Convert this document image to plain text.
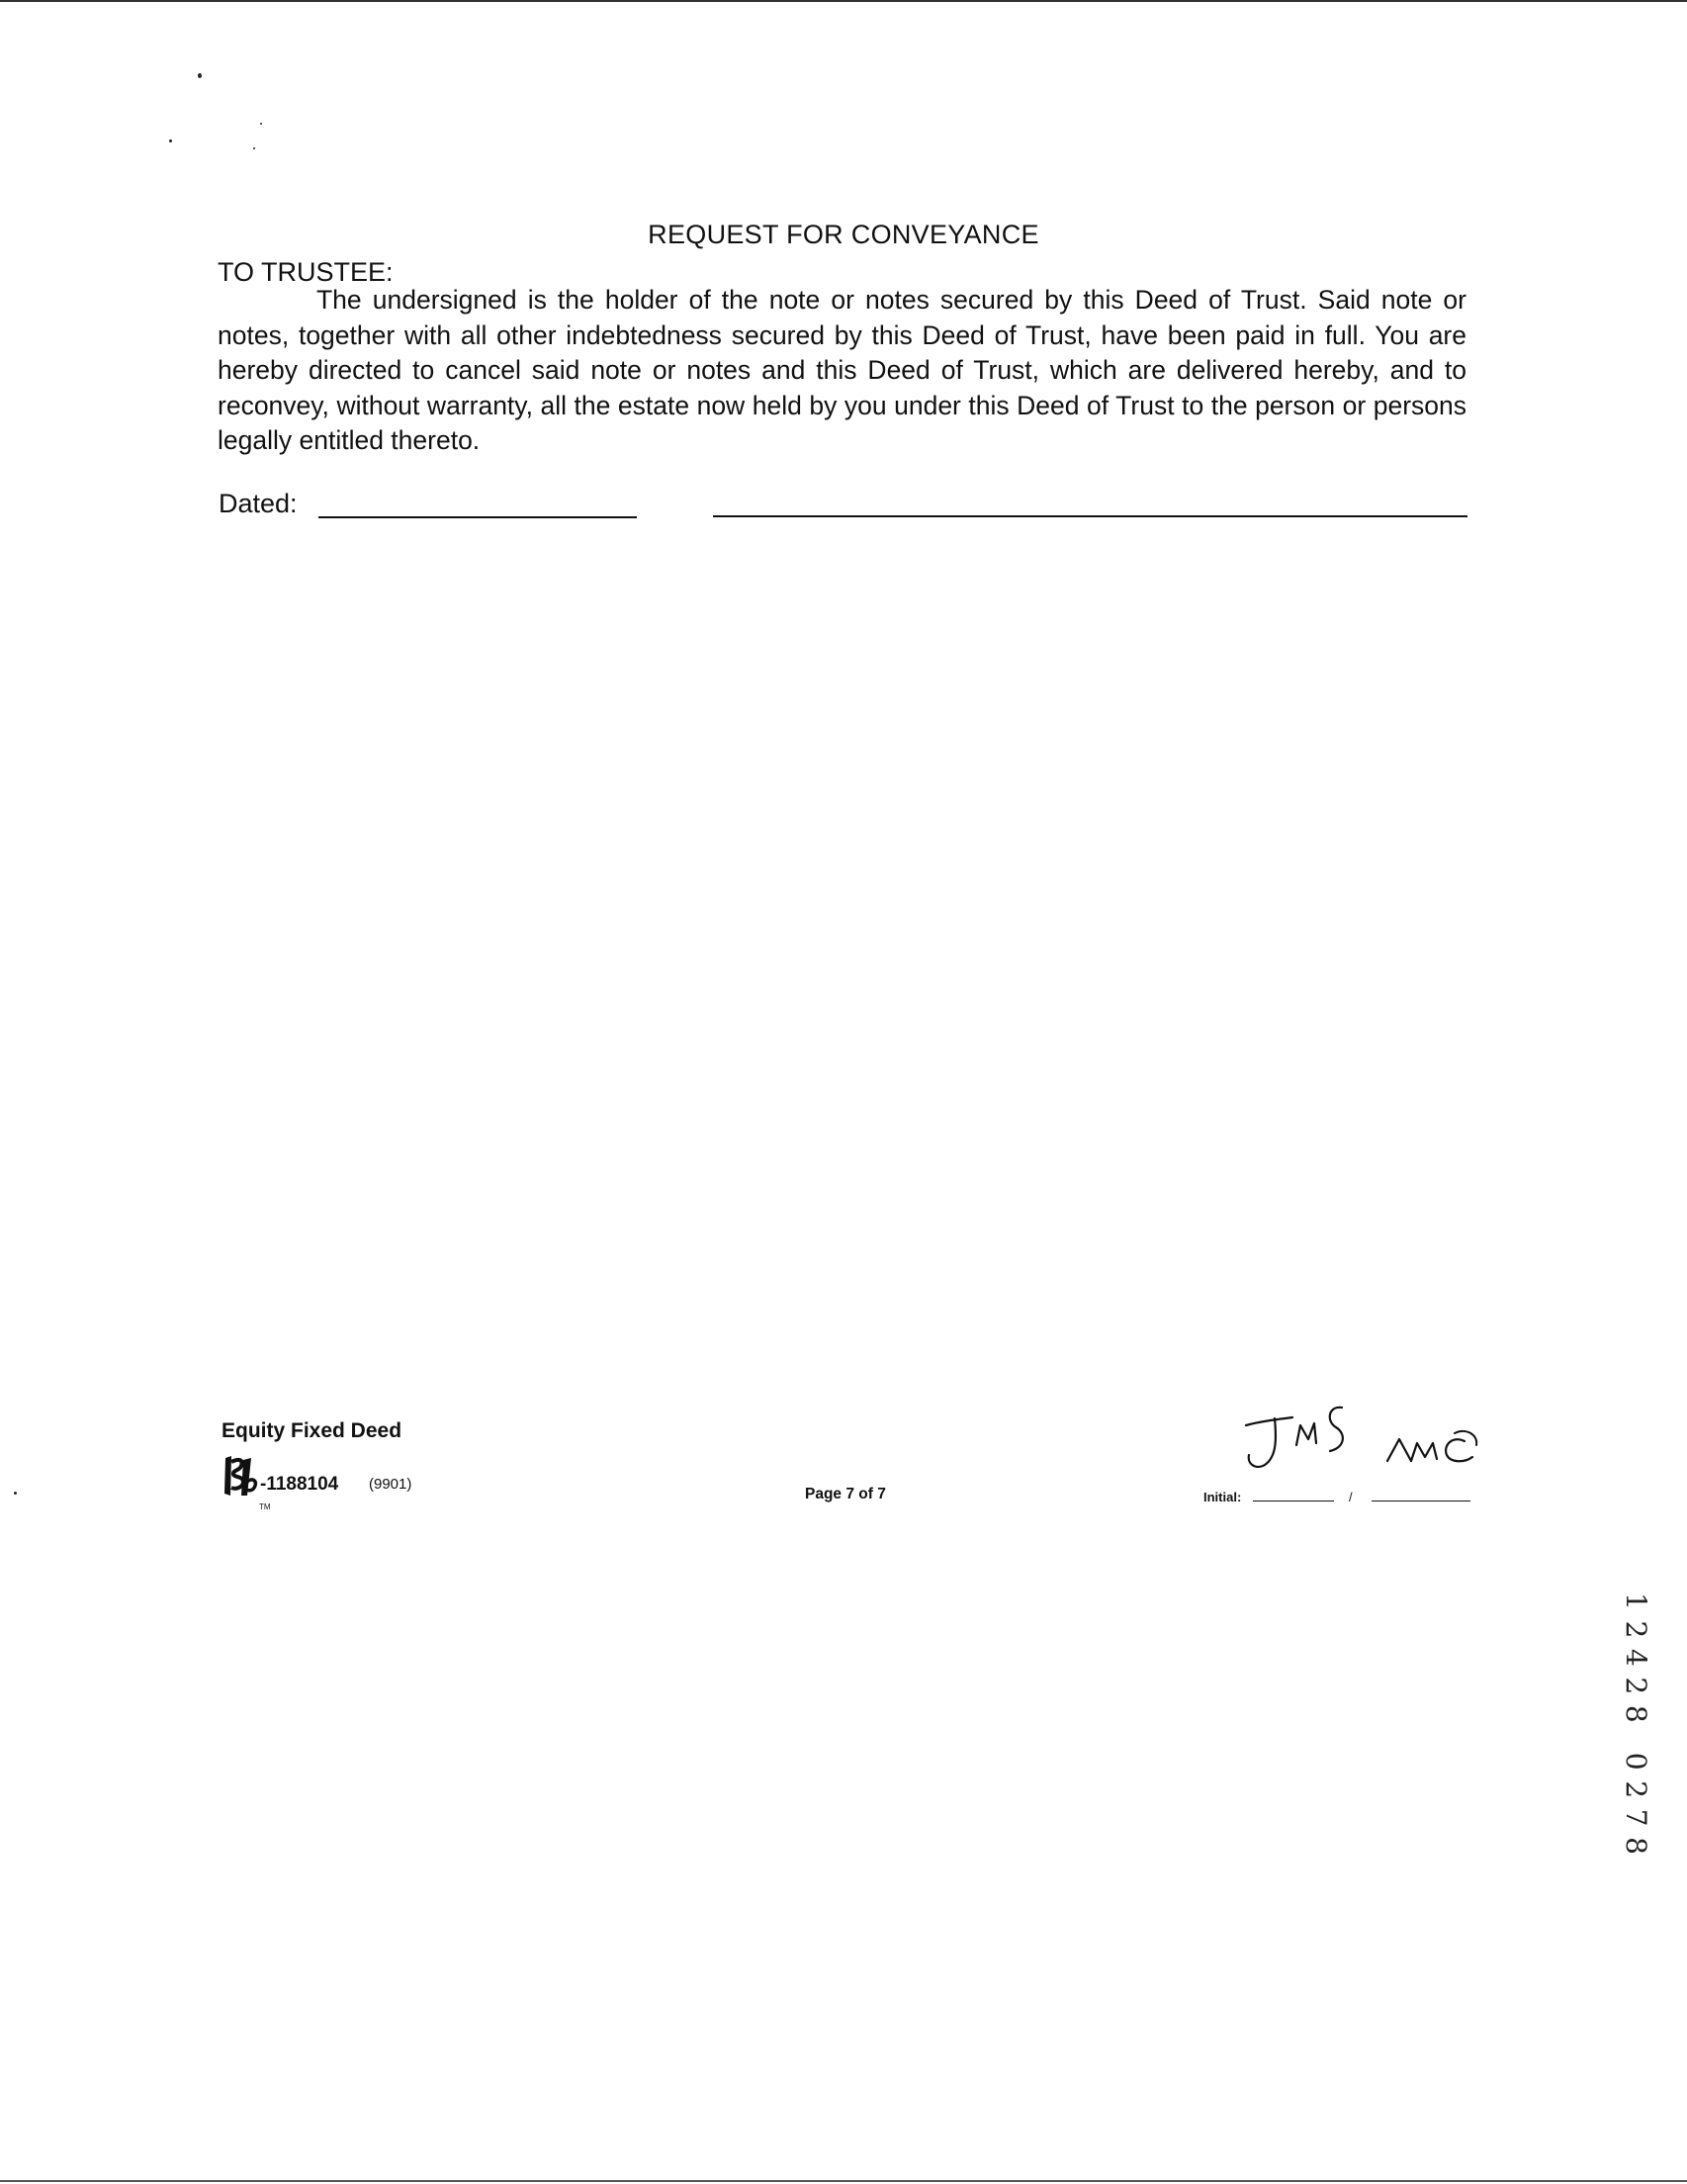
REQUEST FOR CONVEYANCE
TO TRUSTEE:
The undersigned is the holder of the note or notes secured by this Deed of Trust. Said note or notes, together with all other indebtedness secured by this Deed of Trust, have been paid in full. You are hereby directed to cancel said note or notes and this Deed of Trust, which are delivered hereby, and to reconvey, without warranty, all the estate now held by you under this Deed of Trust to the person or persons legally entitled thereto.
Dated:
Equity Fixed Deed
-1188104 (9901)
TM
Page 7 of 7	Initial:	/
12428 0278
